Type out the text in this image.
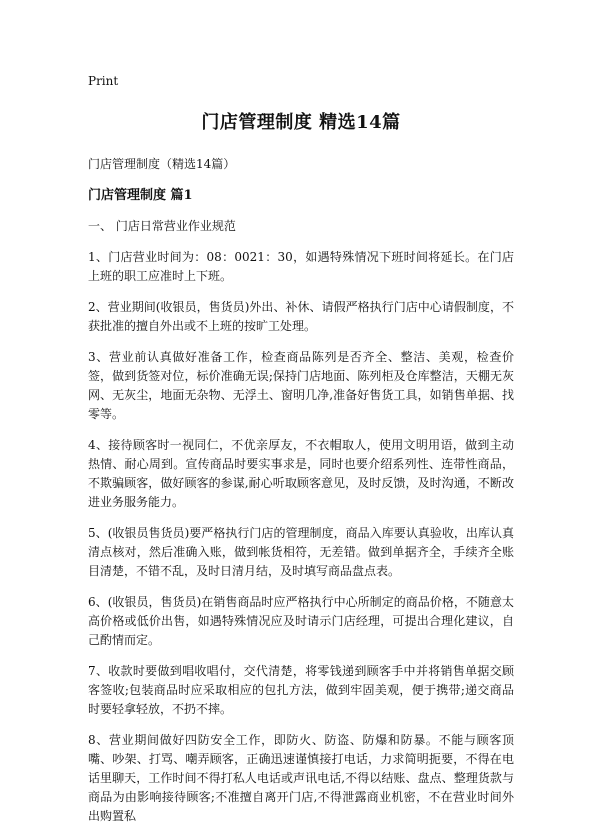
Print
门店管理制度 精选14篇
门店管理制度（精选14篇）
门店管理制度 篇1

一、 门店日常营业作业规范

1、门店营业时间为：08：0021：30，如遇特殊情况下班时间将延长。在门店上班的职工应准时上下班。

2、营业期间(收银员，售货员)外出、补休、请假严格执行门店中心请假制度，不获批准的擅自外出或不上班的按旷工处理。

3、营业前认真做好准备工作，检查商品陈列是否齐全、整洁、美观，检查价签，做到货签对位，标价准确无误;保持门店地面、陈列柜及仓库整洁，天棚无灰网、无灰尘，地面无杂物、无浮土、窗明几净,准备好售货工具，如销售单据、找零等。

4、接待顾客时一视同仁，不优亲厚友，不衣帽取人，使用文明用语，做到主动热情、耐心周到。宣传商品时要实事求是，同时也要介绍系列性、连带性商品，不欺骗顾客，做好顾客的参谋,耐心听取顾客意见，及时反馈，及时沟通，不断改进业务服务能力。

5、(收银员售货员)要严格执行门店的管理制度，商品入库要认真验收，出库认真清点核对，然后准确入账，做到帐货相符，无差错。做到单据齐全，手续齐全账目清楚，不错不乱，及时日清月结，及时填写商品盘点表。

6、(收银员，售货员)在销售商品时应严格执行中心所制定的商品价格，不随意太高价格或低价出售，如遇特殊情况应及时请示门店经理，可提出合理化建议，自己酌情而定。

7、收款时要做到唱收唱付，交代清楚，将零钱递到顾客手中并将销售单据交顾客签收;包装商品时应采取相应的包扎方法，做到牢固美观，便于携带;递交商品时要轻拿轻放，不扔不摔。

8、营业期间做好四防安全工作，即防火、防盗、防爆和防暴。不能与顾客顶嘴、吵架、打骂、嘲弄顾客，正确迅速谨慎接打电话，力求简明扼要，不得在电话里聊天，工作时间不得打私人电话或声讯电话,不得以结账、盘点、整理货款与商品为由影响接待顾客;不准擅自离开门店,不得泄露商业机密，不在营业时间外出购置私
